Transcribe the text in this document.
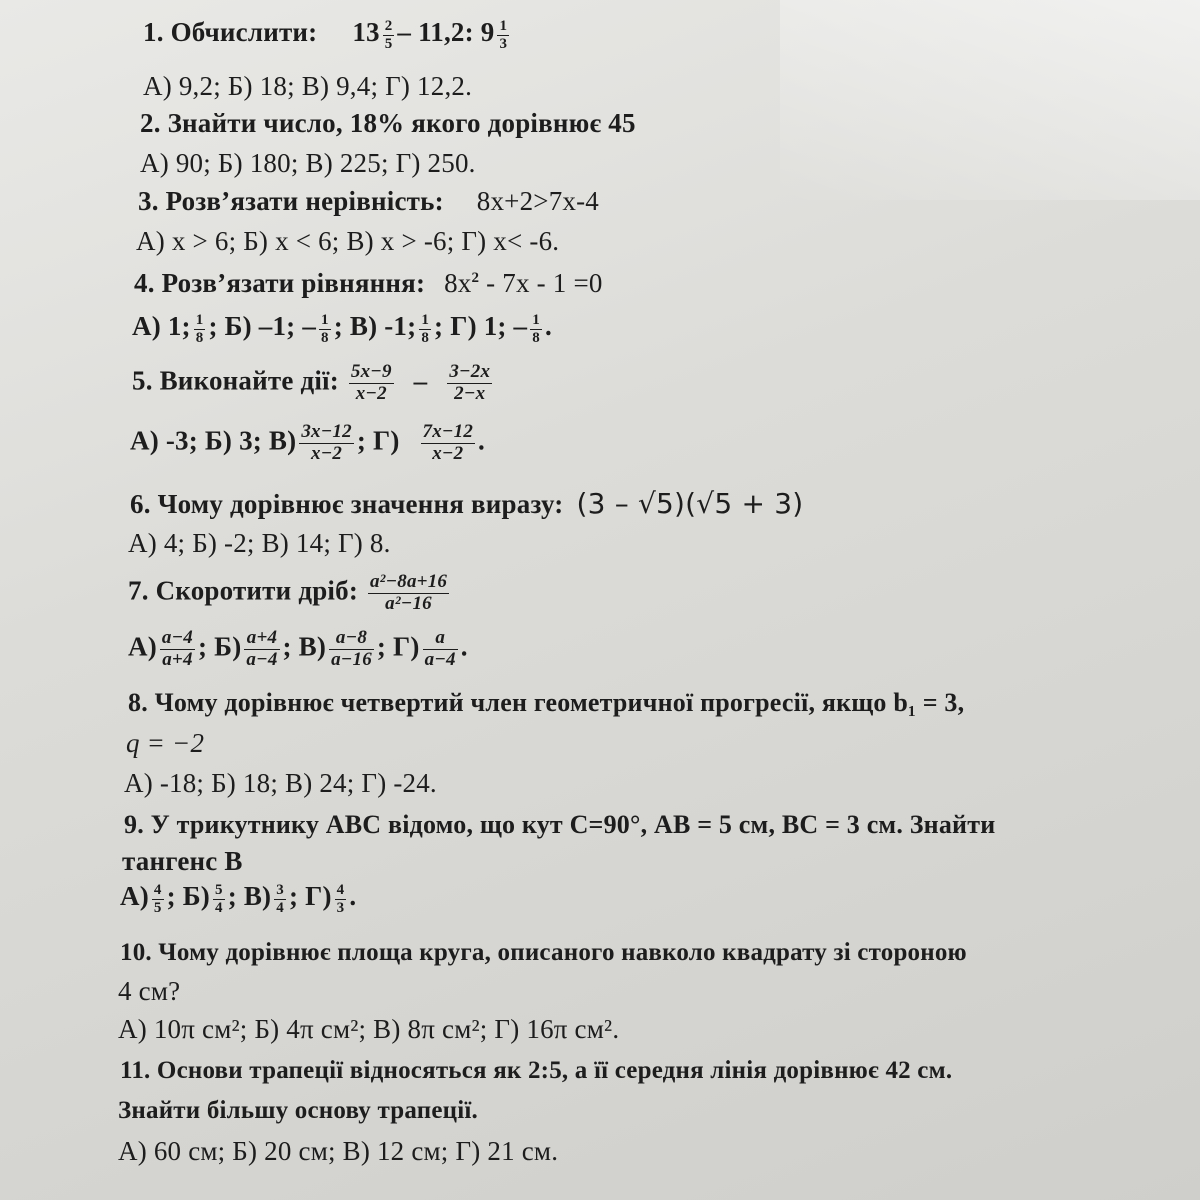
1. Обчислити: $13 \frac{2}{5} - 11,2$: $9 \frac{1}{3}$
А) 9,2; Б) 18; В) 9,4; Г) 12,2.
2. Знайти число, 18% якого дорівнює 45
А) 90; Б) 180; В) 225; Г) 250.
3. Розв’язати нерівність: 8x+2>7x-4
А) x > 6; Б) x < 6; В) x > -6; Г) x< -6.
4. Розв’язати рівняння: $8x^2 - 7x - 1 =0$
А) 1; $\frac{1}{8}$ ; Б) –1; – $\frac{1}{8}$ ; В) -1; $\frac{1}{8}$ ; Г) 1; – $\frac{1}{8}$ .
5. Виконайте дії: $\frac{5x-9}{x-2} - \frac{3-2x}{2-x}$
А) -3; Б) 3; $В) \frac{3x-12}{x-2}$ ; $Г) \frac{7x-12}{x-2}$ .
6. Чому дорівнює значення виразу: (3 – √5)(√5 + 3)
А) 4; Б) -2; В) 14; Г) 8.
7. Скоротити дріб: $\frac{\text{a²−8a+16}}{\text{a²−16}}$
$А) \frac{a-4}{a+4}$ ; $Б) \frac{a+4}{a-4}$ ; $В) \frac{a-8}{a-16}$ ; $Г) \frac{a}{a-4}$ .
8. Чому дорівнює четвертий член геометричної прогресії, якщо b₁ = 3,
q = −2
А) -18; Б) 18; В) 24; Г) -24.
9. У трикутнику АВС відомо, що кут С=90°, АВ = 5 см, ВС = 3 см. Знайти
тангенс В
$А) \frac{4}{5}$ ; $Б) \frac{5}{4}$ ; $В) \frac{3}{4}$ ; $Г) \frac{4}{3}$ .
10. Чому дорівнює площа круга, описаного навколо квадрату зі стороною
4 см?
А) 10π см²; Б) 4π см²; В) 8π см²; Г) 16π см².
11. Основи трапеції відносяться як 2:5, а її середня лінія дорівнює 42 см.
Знайти більшу основу трапеції.
А) 60 см; Б) 20 см; В) 12 см; Г) 21 см.
